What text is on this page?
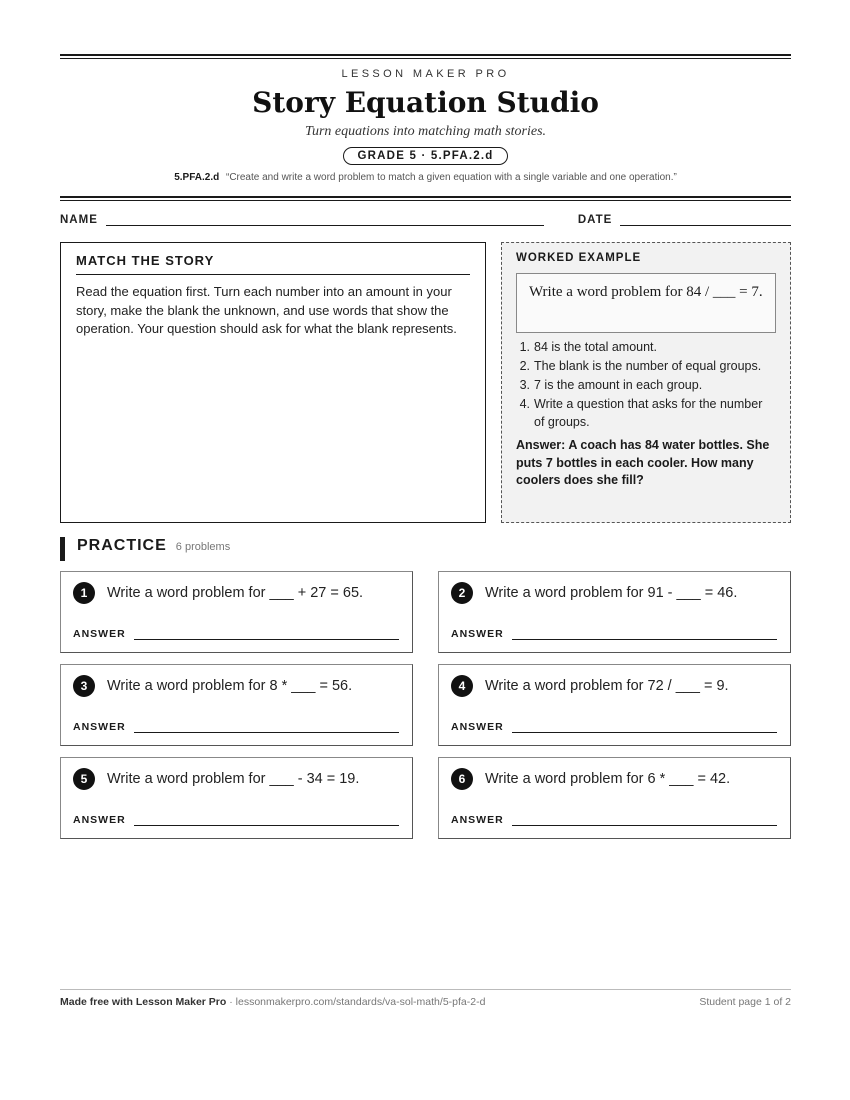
LESSON MAKER PRO
Story Equation Studio
Turn equations into matching math stories.
GRADE 5 · 5.PFA.2.d
5.PFA.2.d “Create and write a word problem to match a given equation with a single variable and one operation.”
NAME	DATE
MATCH THE STORY

Read the equation first. Turn each number into an amount in your story, make the blank the unknown, and use words that show the operation. Your question should ask for what the blank represents.

WORKED EXAMPLE
Write a word problem for 84 / ___ = 7.
1. 84 is the total amount.
2. The blank is the number of equal groups.
3. 7 is the amount in each group.
4. Write a question that asks for the number of groups.
Answer: A coach has 84 water bottles. She puts 7 bottles in each cooler. How many coolers does she fill?
PRACTICE 6 problems
1	Write a word problem for ___ + 27 = 65.
ANSWER
2	Write a word problem for 91 - ___ = 46.
ANSWER
3	Write a word problem for 8 * ___ = 56.
ANSWER
4	Write a word problem for 72 / ___ = 9.
ANSWER
5	Write a word problem for ___ - 34 = 19.
ANSWER
6	Write a word problem for 6 * ___ = 42.
ANSWER
Made free with Lesson Maker Pro · lessonmakerpro.com/standards/va-sol-math/5-pfa-2-d	Student page 1 of 2
